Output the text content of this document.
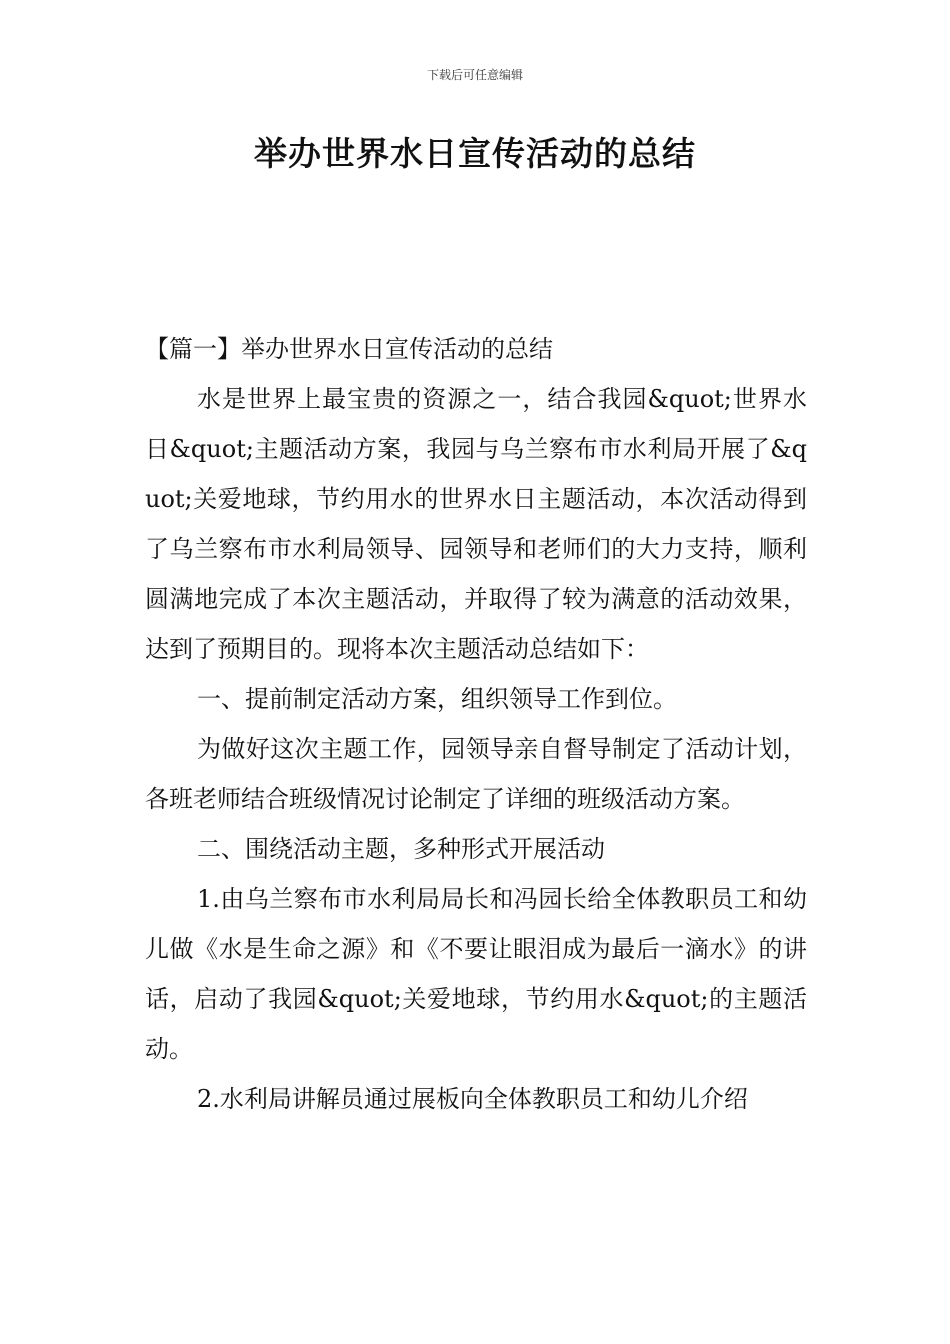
下载后可任意编辑
举办世界水日宣传活动的总结

【篇一】举办世界水日宣传活动的总结

水是世界上最宝贵的资源之一，结合我园&quot;世界水日&quot;主题活动方案，我园与乌兰察布市水利局开展了&quot;关爱地球，节约用水的世界水日主题活动，本次活动得到了乌兰察布市水利局领导、园领导和老师们的大力支持，顺利圆满地完成了本次主题活动，并取得了较为满意的活动效果，达到了预期目的。现将本次主题活动总结如下：

一、提前制定活动方案，组织领导工作到位。

为做好这次主题工作，园领导亲自督导制定了活动计划，各班老师结合班级情况讨论制定了详细的班级活动方案。

二、围绕活动主题，多种形式开展活动

1.由乌兰察布市水利局局长和冯园长给全体教职员工和幼儿做《水是生命之源》和《不要让眼泪成为最后一滴水》的讲话，启动了我园&quot;关爱地球，节约用水&quot;的主题活动。

2.水利局讲解员通过展板向全体教职员工和幼儿介绍
